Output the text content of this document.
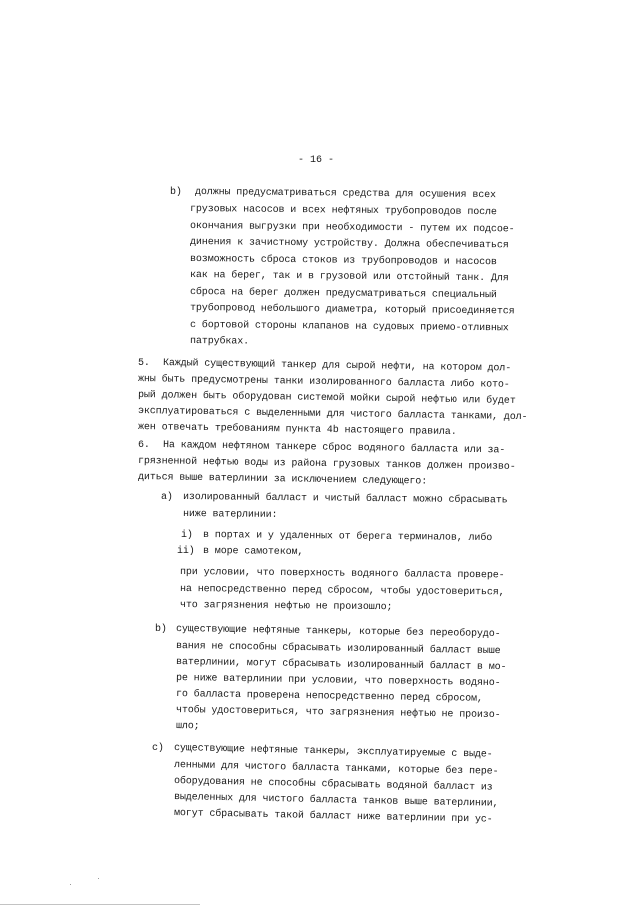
- 16 -
b) должны предусматриваться средства для осушения всех
грузовых насосов и всех нефтяных трубопроводов после
окончания выгрузки при необходимости - путем их подсое-
динения к зачистному устройству. Должна обеспечиваться
возможность сброса стоков из трубопроводов и насосов
как на берег, так и в грузовой или отстойный танк. Для
сброса на берег должен предусматриваться специальный
трубопровод небольшого диаметра, который присоединяется
с бортовой стороны клапанов на судовых приемо-отливных
патрубках.
5. Каждый существующий танкер для сырой нефти, на котором дол-
жны быть предусмотрены танки изолированного балласта либо кото-
рый должен быть оборудован системой мойки сырой нефтью или будет
эксплуатироваться с выделенными для чистого балласта танками, дол-
жен отвечать требованиям пункта 4b настоящего правила.
6. На каждом нефтяном танкере сброс водяного балласта или за-
грязненной нефтью воды из района грузовых танков должен произво-
диться выше ватерлинии за исключением следующего:
a) изолированный балласт и чистый балласт можно сбрасывать
ниже ватерлинии:
i) в портах и у удаленных от берега терминалов, либо
ii) в море самотеком,
при условии, что поверхность водяного балласта провере-
на непосредственно перед сбросом, чтобы удостовериться,
что загрязнения нефтью не произошло;
b) существующие нефтяные танкеры, которые без переоборудо-
вания не способны сбрасывать изолированный балласт выше
ватерлинии, могут сбрасывать изолированный балласт в мо-
ре ниже ватерлинии при условии, что поверхность водяно-
го балласта проверена непосредственно перед сбросом,
чтобы удостовериться, что загрязнения нефтью не произо-
шло;
c) существующие нефтяные танкеры, эксплуатируемые с выде-
ленными для чистого балласта танками, которые без пере-
оборудования не способны сбрасывать водяной балласт из
выделенных для чистого балласта танков выше ватерлинии,
могут сбрасывать такой балласт ниже ватерлинии при ус-
